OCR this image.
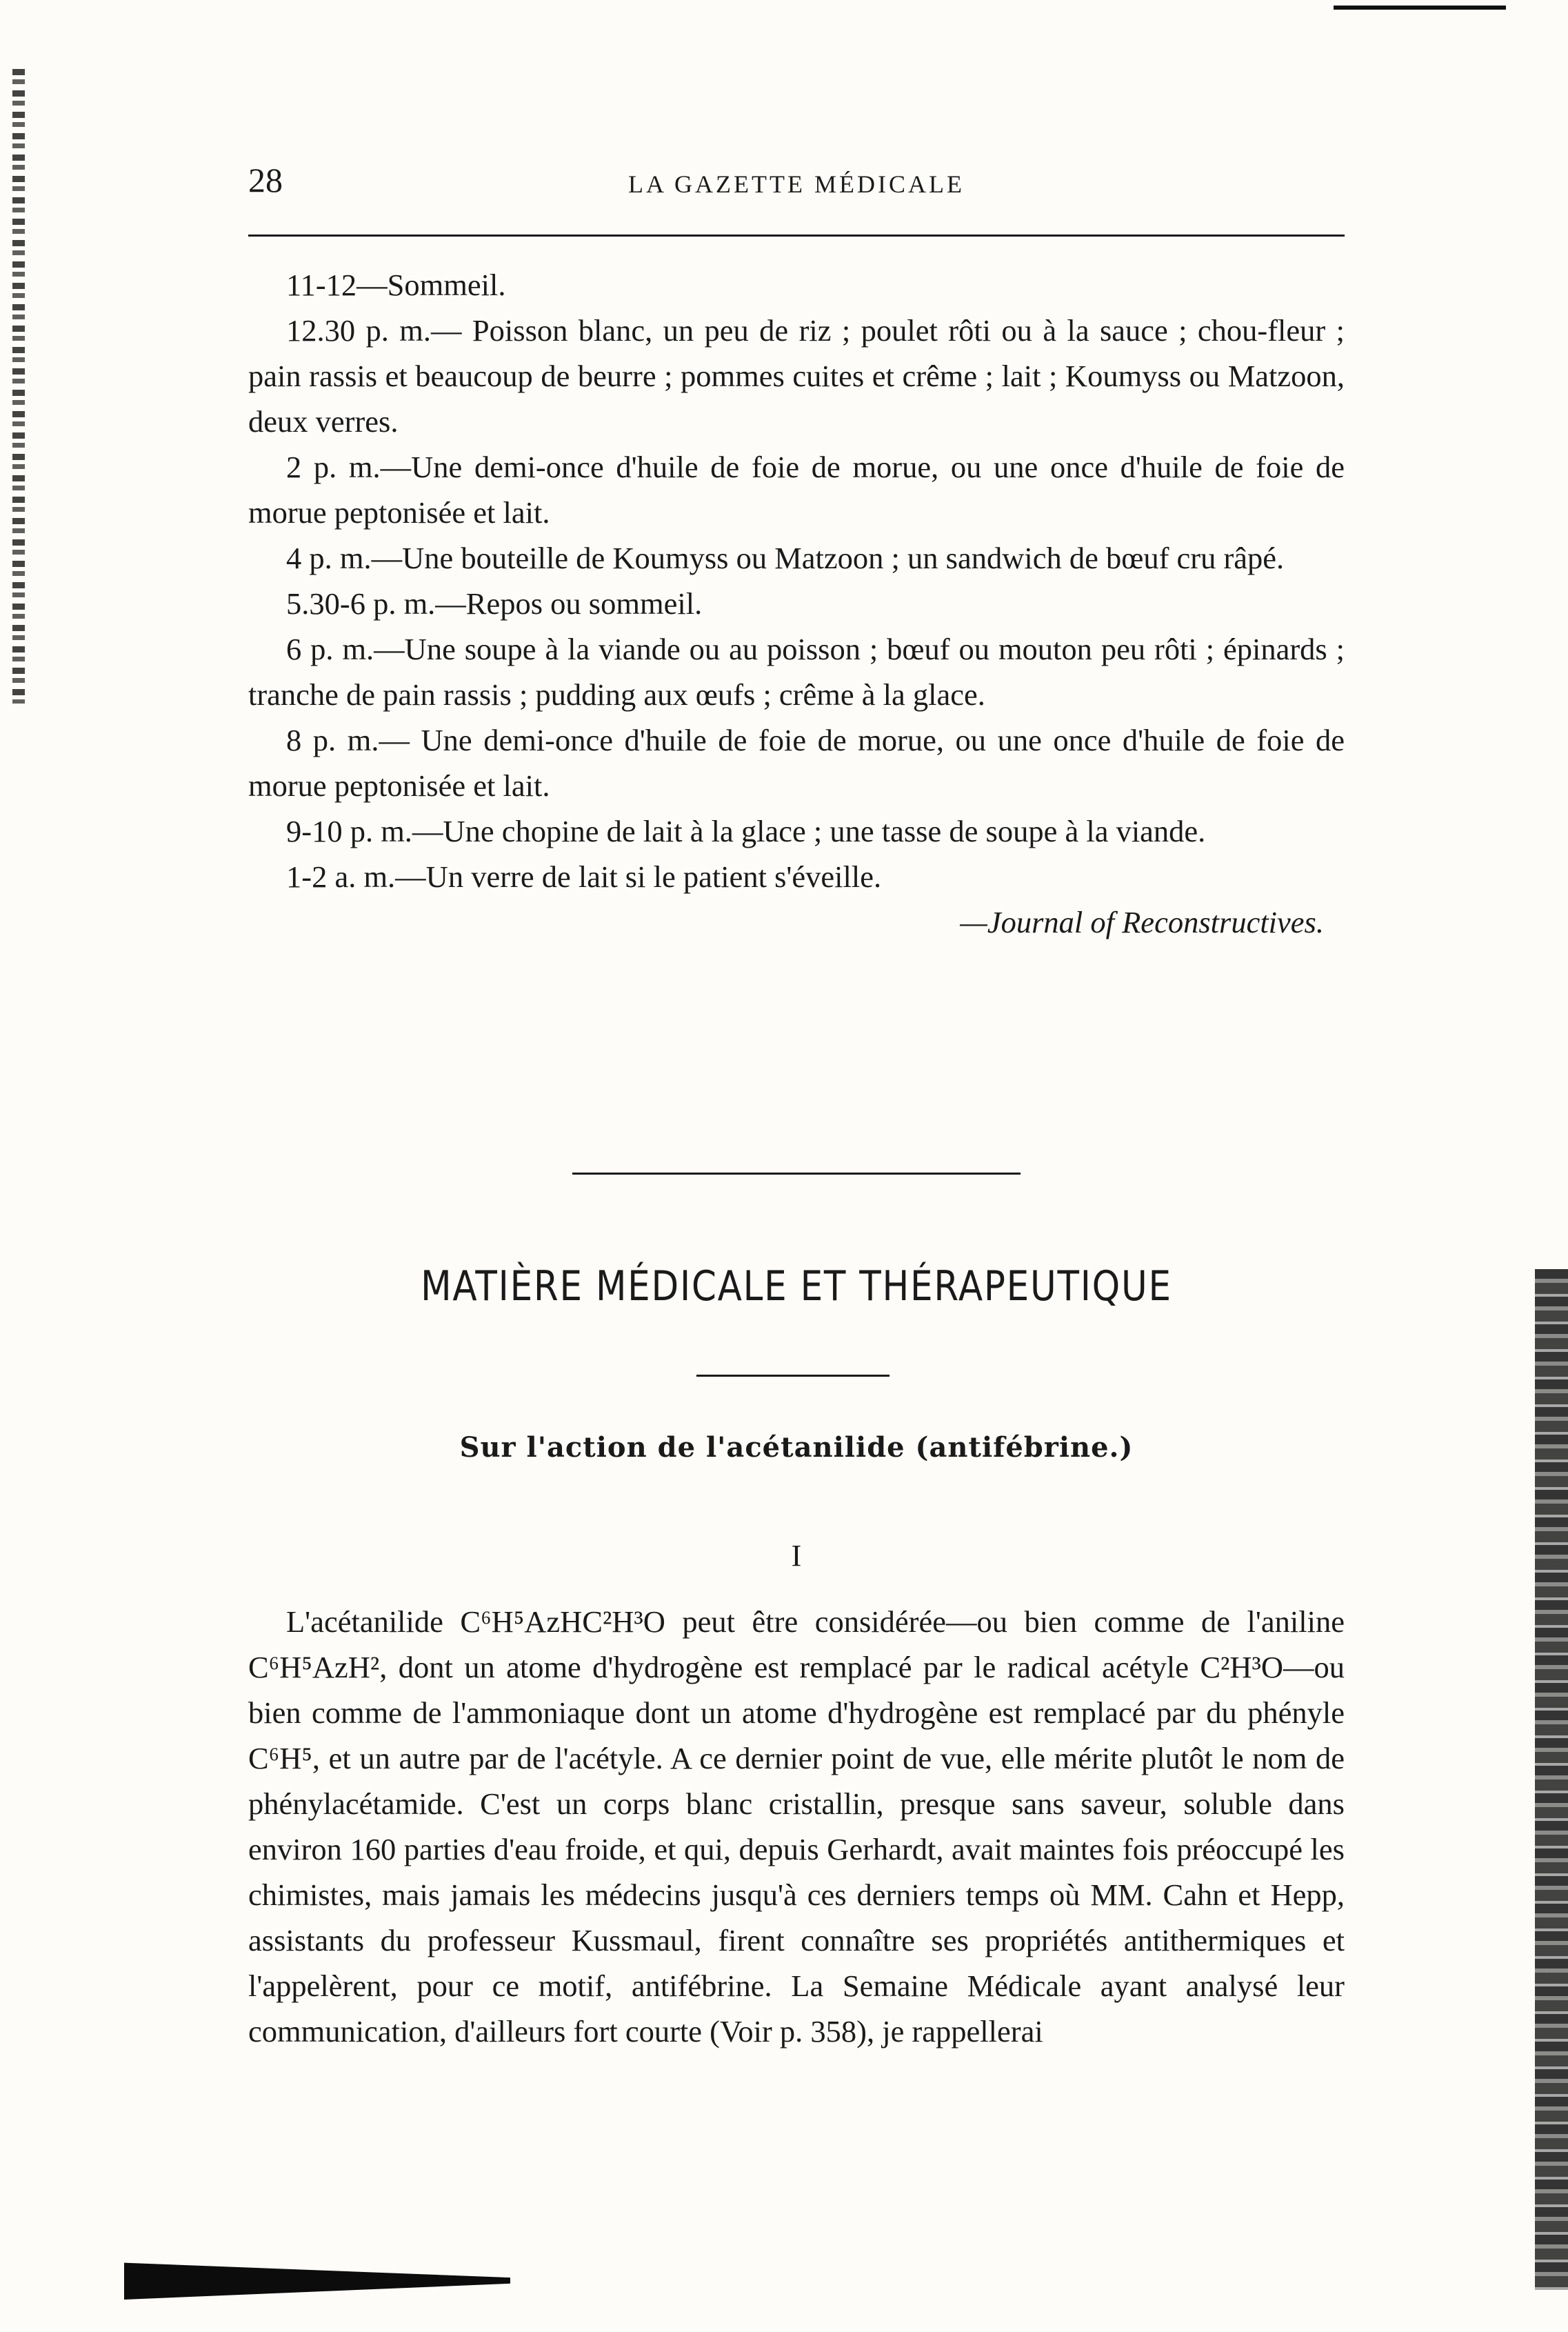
28	LA GAZETTE MÉDICALE

11-12—Sommeil.

12.30 p. m.— Poisson blanc, un peu de riz ; poulet rôti ou à la sauce ; chou-fleur ; pain rassis et beaucoup de beurre ; pommes cuites et crême ; lait ; Koumyss ou Matzoon, deux verres.

2 p. m.—Une demi-once d'huile de foie de morue, ou une once d'huile de foie de morue peptonisée et lait.

4 p. m.—Une bouteille de Koumyss ou Matzoon ; un sandwich de bœuf cru râpé.

5.30-6 p. m.—Repos ou sommeil.

6 p. m.—Une soupe à la viande ou au poisson ; bœuf ou mouton peu rôti ; épinards ; tranche de pain rassis ; pudding aux œufs ; crême à la glace.

8 p. m.— Une demi-once d'huile de foie de morue, ou une once d'huile de foie de morue peptonisée et lait.

9-10 p. m.—Une chopine de lait à la glace ; une tasse de soupe à la viande.

1-2 a. m.—Un verre de lait si le patient s'éveille.

—Journal of Reconstructives.

MATIÈRE MÉDICALE ET THÉRAPEUTIQUE
Sur l'action de l'acétanilide (antifébrine.)
I

L'acétanilide C⁶H⁵AzHC²H³O peut être considérée—ou bien comme de l'aniline C⁶H⁵AzH², dont un atome d'hydrogène est remplacé par le radical acétyle C²H³O—ou bien comme de l'ammoniaque dont un atome d'hydrogène est remplacé par du phényle C⁶H⁵, et un autre par de l'acétyle. A ce dernier point de vue, elle mérite plutôt le nom de phénylacétamide. C'est un corps blanc cristallin, presque sans saveur, soluble dans environ 160 parties d'eau froide, et qui, depuis Gerhardt, avait maintes fois préoccupé les chimistes, mais jamais les médecins jusqu'à ces derniers temps où MM. Cahn et Hepp, assistants du professeur Kussmaul, firent connaître ses propriétés antithermiques et l'appelèrent, pour ce motif, antifébrine. La Semaine Médicale ayant analysé leur communication, d'ailleurs fort courte (Voir p. 358), je rappellerai
